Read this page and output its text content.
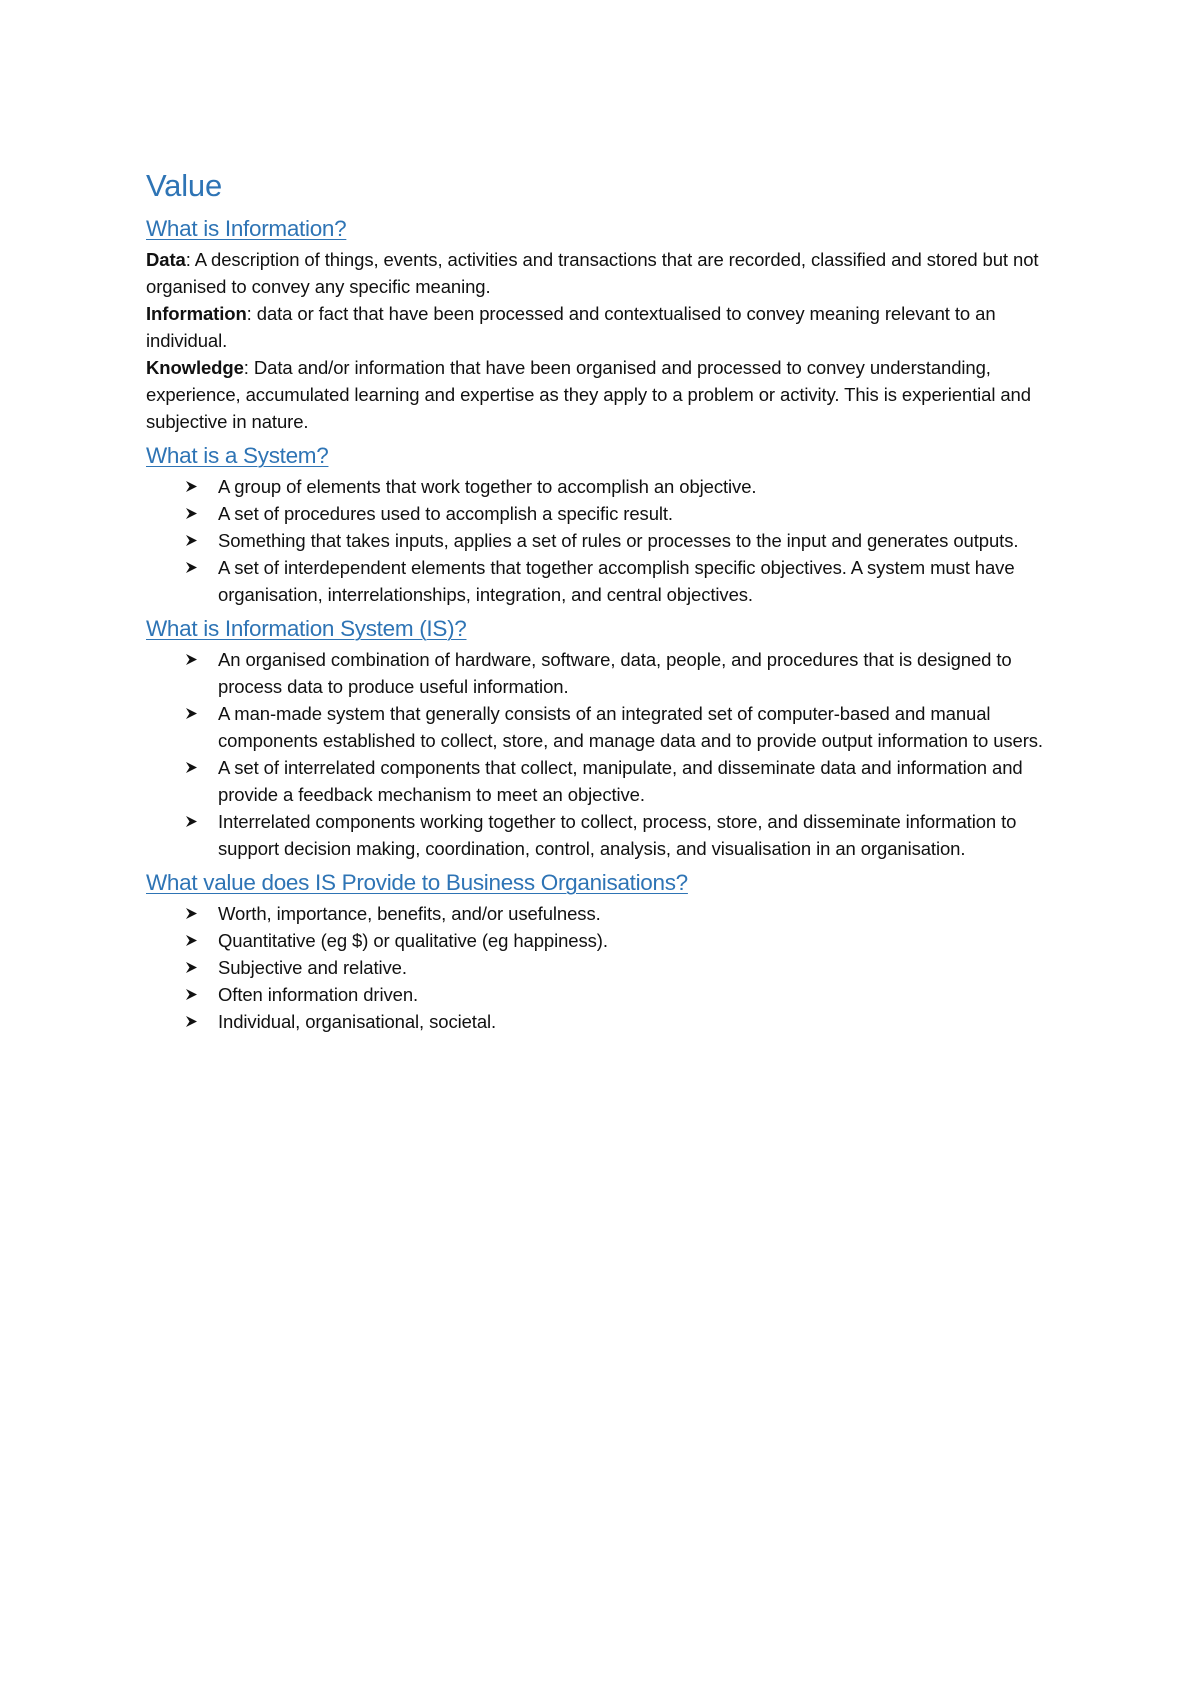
Value
What is Information?

Data: A description of things, events, activities and transactions that are recorded, classified and stored but not organised to convey any specific meaning.

Information: data or fact that have been processed and contextualised to convey meaning relevant to an individual.

Knowledge: Data and/or information that have been organised and processed to convey understanding, experience, accumulated learning and expertise as they apply to a problem or activity. This is experiential and subjective in nature.

What is a System?
A group of elements that work together to accomplish an objective.
A set of procedures used to accomplish a specific result.
Something that takes inputs, applies a set of rules or processes to the input and generates outputs.
A set of interdependent elements that together accomplish specific objectives. A system must have organisation, interrelationships, integration, and central objectives.
What is Information System (IS)?
An organised combination of hardware, software, data, people, and procedures that is designed to process data to produce useful information.
A man-made system that generally consists of an integrated set of computer-based and manual components established to collect, store, and manage data and to provide output information to users.
A set of interrelated components that collect, manipulate, and disseminate data and information and provide a feedback mechanism to meet an objective.
Interrelated components working together to collect, process, store, and disseminate information to support decision making, coordination, control, analysis, and visualisation in an organisation.
What value does IS Provide to Business Organisations?
Worth, importance, benefits, and/or usefulness.
Quantitative (eg $) or qualitative (eg happiness).
Subjective and relative.
Often information driven.
Individual, organisational, societal.
